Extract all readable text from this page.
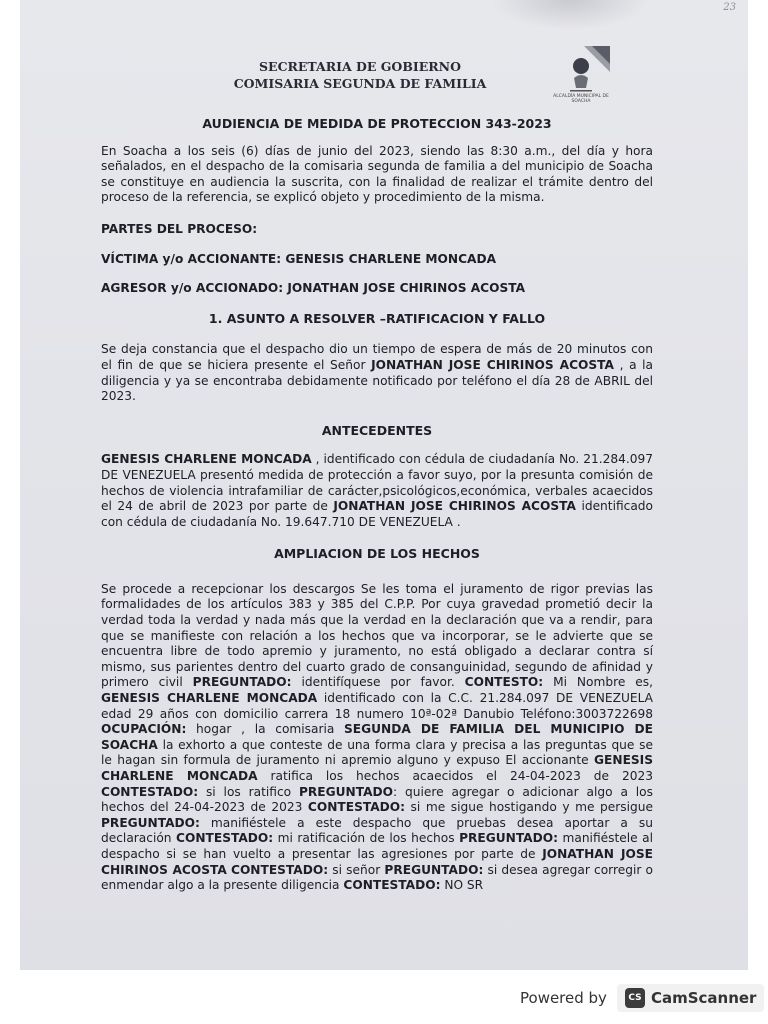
23
SECRETARIA DE GOBIERNO
COMISARIA SEGUNDA DE FAMILIA
ALCALDÍA MUNICIPAL DE SOACHA
AUDIENCIA DE MEDIDA DE PROTECCION 343-2023

En Soacha a los seis (6) días de junio del 2023, siendo las 8:30 a.m., del día y hora señalados, en el despacho de la comisaria segunda de familia a del municipio de Soacha se constituye en audiencia la suscrita, con la finalidad de realizar el trámite dentro del proceso de la referencia, se explicó objeto y procedimiento de la misma.

PARTES DEL PROCESO:

VÍCTIMA y/o ACCIONANTE: GENESIS CHARLENE MONCADA

AGRESOR y/o ACCIONADO: JONATHAN JOSE CHIRINOS ACOSTA

1. ASUNTO A RESOLVER –RATIFICACION Y FALLO

Se deja constancia que el despacho dio un tiempo de espera de más de 20 minutos con el fin de que se hiciera presente el Señor JONATHAN JOSE CHIRINOS ACOSTA , a la diligencia y ya se encontraba debidamente notificado por teléfono el día 28 de ABRIL del 2023.

ANTECEDENTES

GENESIS CHARLENE MONCADA , identificado con cédula de ciudadanía No. 21.284.097 DE VENEZUELA presentó medida de protección a favor suyo, por la presunta comisión de hechos de violencia intrafamiliar de carácter,psicológicos,económica, verbales acaecidos el 24 de abril de 2023 por parte de JONATHAN JOSE CHIRINOS ACOSTA identificado con cédula de ciudadanía No. 19.647.710 DE VENEZUELA .

AMPLIACION DE LOS HECHOS

Se procede a recepcionar los descargos Se les toma el juramento de rigor previas las formalidades de los artículos 383 y 385 del C.P.P. Por cuya gravedad prometió decir la verdad toda la verdad y nada más que la verdad en la declaración que va a rendir, para que se manifieste con relación a los hechos que va incorporar, se le advierte que se encuentra libre de todo apremio y juramento, no está obligado a declarar contra sí mismo, sus parientes dentro del cuarto grado de consanguinidad, segundo de afinidad y primero civil PREGUNTADO: identifíquese por favor. CONTESTO: Mi Nombre es, GENESIS CHARLENE MONCADA identificado con la C.C. 21.284.097 DE VENEZUELA edad 29 años con domicilio carrera 18 numero 10ª-02ª Danubio Teléfono:3003722698 OCUPACIÓN: hogar , la comisaria SEGUNDA DE FAMILIA DEL MUNICIPIO DE SOACHA la exhorto a que conteste de una forma clara y precisa a las preguntas que se le hagan sin formula de juramento ni apremio alguno y expuso El accionante GENESIS CHARLENE MONCADA ratifica los hechos acaecidos el 24-04-2023 de 2023 CONTESTADO: si los ratifico PREGUNTADO: quiere agregar o adicionar algo a los hechos del 24-04-2023 de 2023 CONTESTADO: si me sigue hostigando y me persigue PREGUNTADO: manifiéstele a este despacho que pruebas desea aportar a su declaración CONTESTADO: mi ratificación de los hechos PREGUNTADO: manifiéstele al despacho si se han vuelto a presentar las agresiones por parte de JONATHAN JOSE CHIRINOS ACOSTA CONTESTADO: si señor PREGUNTADO: si desea agregar corregir o enmendar algo a la presente diligencia CONTESTADO: NO SR

Powered by	CS CamScanner
